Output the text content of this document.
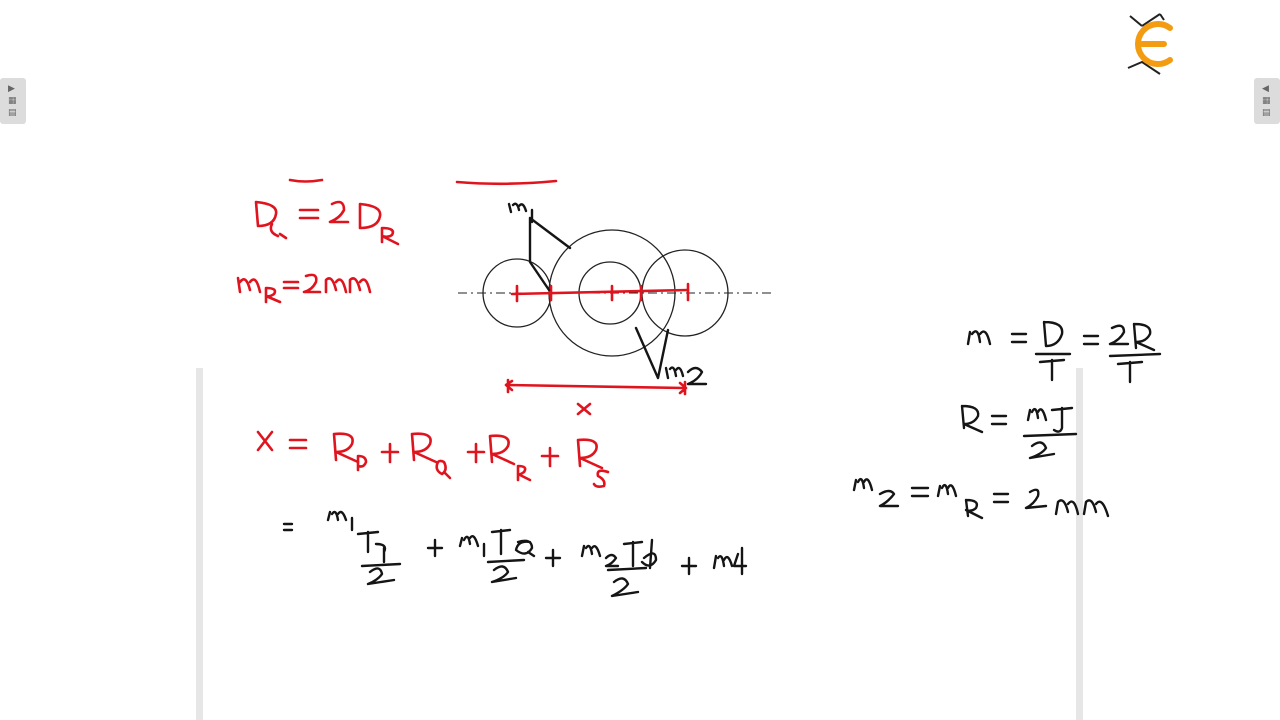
▶
▦
▤
◀
▦
▤
